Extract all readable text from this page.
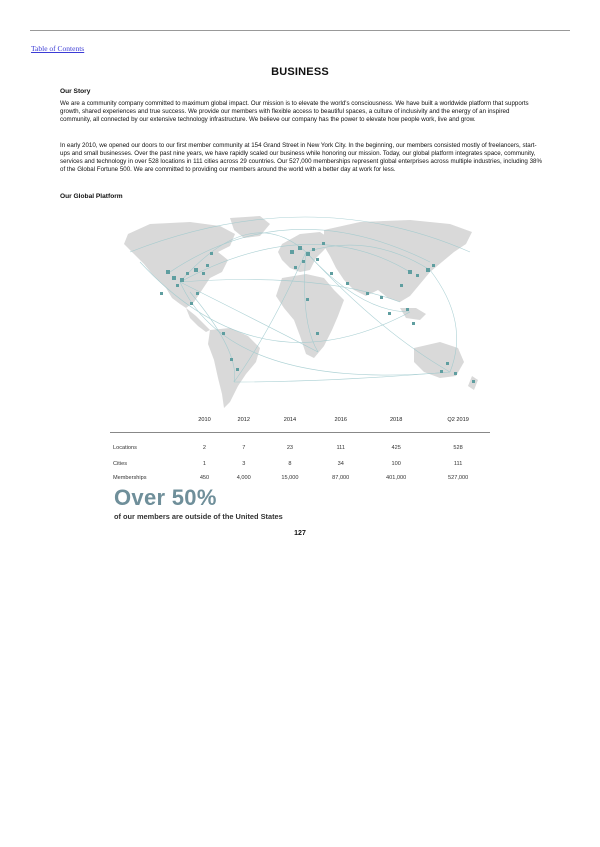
Table of Contents
BUSINESS
Our Story

We are a community company committed to maximum global impact. Our mission is to elevate the world's consciousness. We have built a worldwide platform that supports growth, shared experiences and true success. We provide our members with flexible access to beautiful spaces, a culture of inclusivity and the energy of an inspired community, all connected by our extensive technology infrastructure. We believe our company has the power to elevate how people work, live and grow.

In early 2010, we opened our doors to our first member community at 154 Grand Street in New York City. In the beginning, our members consisted mostly of freelancers, start-ups and small businesses. Over the past nine years, we have rapidly scaled our business while honoring our mission. Today, our global platform integrates space, community, services and technology in over 528 locations in 111 cities across 29 countries. Our 527,000 memberships represent global enterprises across multiple industries, including 38% of the Global Fortune 500. We are committed to providing our members around the world with a better day at work for less.

Our Global Platform
	2010	2012	2014	2016	2018	Q2 2019
Locations	2	7	23	111	425	528
Cities	1	3	8	34	100	111
Memberships	450	4,000	15,000	87,000	401,000	527,000
Over 50%
of our members are outside of the United States
127
